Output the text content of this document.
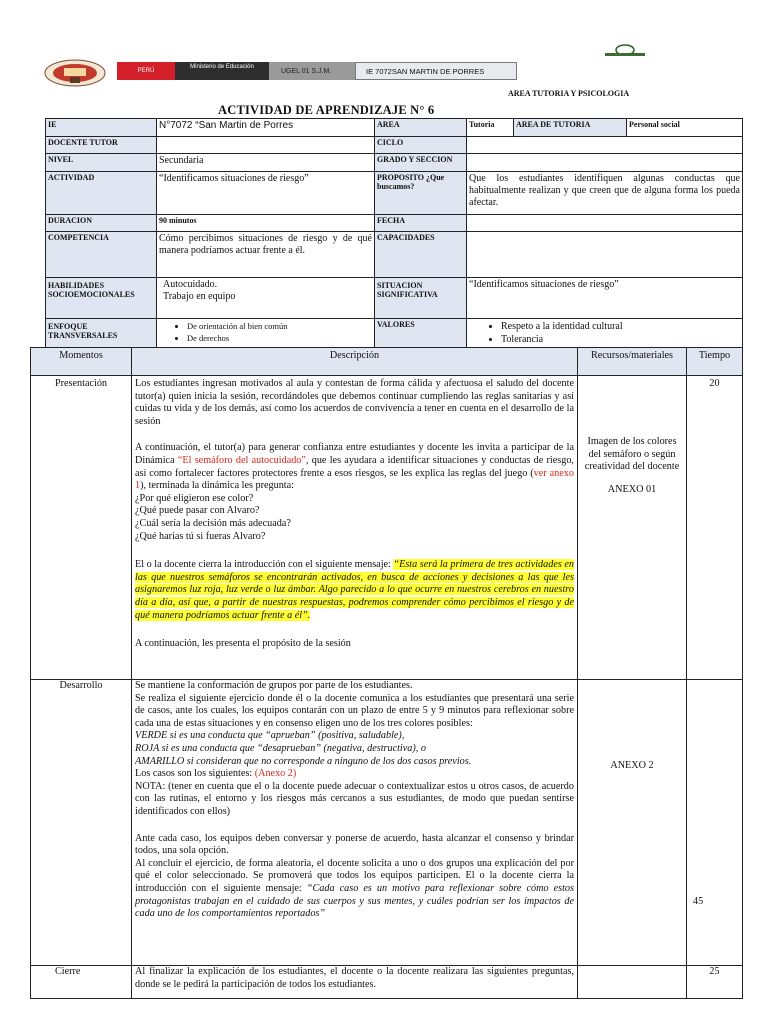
PERÚ
Ministerio de Educación
UGEL 01 S.J.M.	IE 7072SAN MARTIN DE PORRES
AREA TUTORIA Y PSICOLOGIA
ACTIVIDAD DE APRENDIZAJE N° 6
IE	N°7072 “San Martin de Porres	AREA	Tutoria	AREA DE TUTORIA	Personal social
DOCENTE TUTOR	CICLO
NIVEL	Secundaria	GRADO Y SECCION
ACTIVIDAD	“Identificamos situaciones de riesgo”	PROPOSITO ¿Que buscamos?
Que los estudiantes identifiquen algunas conductas que habitualmente realizan y que creen que de alguna forma los pueda afectar.
DURACION	90 minutos	FECHA
COMPETENCIA	Cómo percibimos situaciones de riesgo y de qué manera podríamos actuar frente a él.
CAPACIDADES
HABILIDADES SOCIOEMOCIONALES
Autocuidado.
Trabajo en equipo
SITUACION SIGNIFICATIVA
“Identificamos situaciones de riesgo”
ENFOQUE TRANSVERSALES
• De orientación al bien común
• De derechos
VALORES
•	Respeto a la identidad cultural
• Tolerancia
Momentos	Descripción	Recursos/materiales	Tiempo
Presentación	Los estudiantes ingresan motivados al aula y contestan de forma cálida y afectuosa el saludo del docente tutor(a) quien inicia la sesión, recordándoles que debemos continuar cumpliendo las reglas sanitarias y así cuidas tu vida y de los demás, así como los acuerdos de convivencia a tener en cuenta en el desarrollo de la sesión

A continuación, el tutor(a) para generar confianza entre estudiantes y docente les invita a participar de la Dinámica “El semáforo del autocuidado”, que les ayudara a identificar situaciones y conductas de riesgo, así como fortalecer factores protectores frente a esos riesgos, se les explica las reglas del juego (ver anexo 1), terminada la dinámica les pregunta:

¿Por qué eligieron ese color?

¿Qué puede pasar con Alvaro?

¿Cuál sería la decisión más adecuada?

¿Qué harías tú si fueras Alvaro?

El o la docente cierra la introducción con el siguiente mensaje: “Esta será la primera de tres actividades en las que nuestros semáforos se encontrarán activados, en busca de acciones y decisiones a las que les asignaremos luz roja, luz verde o luz ámbar. Algo parecido a lo que ocurre en nuestros cerebros en nuestro día a día, así que, a partir de nuestras respuestas, podremos comprender cómo percibimos el riesgo y de qué manera podríamos actuar frente a él”.

A continuación, les presenta el propósito de la sesión

Imagen de los colores del semáforo o según creatividad del docente
ANEXO 01
20
Desarrollo	Se mantiene la conformación de grupos por parte de los estudiantes.

Se realiza el siguiente ejercicio donde él o la docente comunica a los estudiantes que presentará una serie de casos, ante los cuales, los equipos contarán con un plazo de entre 5 y 9 minutos para reflexionar sobre cada una de estas situaciones y en consenso eligen uno de los tres colores posibles:

VERDE si es una conducta que “aprueban” (positiva, saludable),

ROJA si es una conducta que “desaprueban” (negativa, destructiva), o

AMARILLO si consideran que no corresponde a ninguno de los dos casos previos.

Los casos son los siguientes: (Anexo 2)

NOTA: (tener en cuenta que el o la docente puede adecuar o contextualizar estos u otros casos, de acuerdo con las rutinas, el entorno y los riesgos más cercanos a sus estudiantes, de modo que puedan sentirse identificados con ellos)

Ante cada caso, los equipos deben conversar y ponerse de acuerdo, hasta alcanzar el consenso y brindar todos, una sola opción.

Al concluir el ejercicio, de forma aleatoria, el docente solicita a uno o dos grupos una explicación del por qué el color seleccionado. Se promoverá que todos los equipos participen. El o la docente cierra la introducción con el siguiente mensaje: “Cada caso es un motivo para reflexionar sobre cómo estos protagonistas trabajan en el cuidado de sus cuerpos y sus mentes, y cuáles podrían ser los impactos de cada uno de los comportamientos reportados”

ANEXO 2
45
Cierre	Al finalizar la explicación de los estudiantes, el docente o la docente realizara las siguientes preguntas, donde se le pedirá la participación de todos los estudiantes.
25
